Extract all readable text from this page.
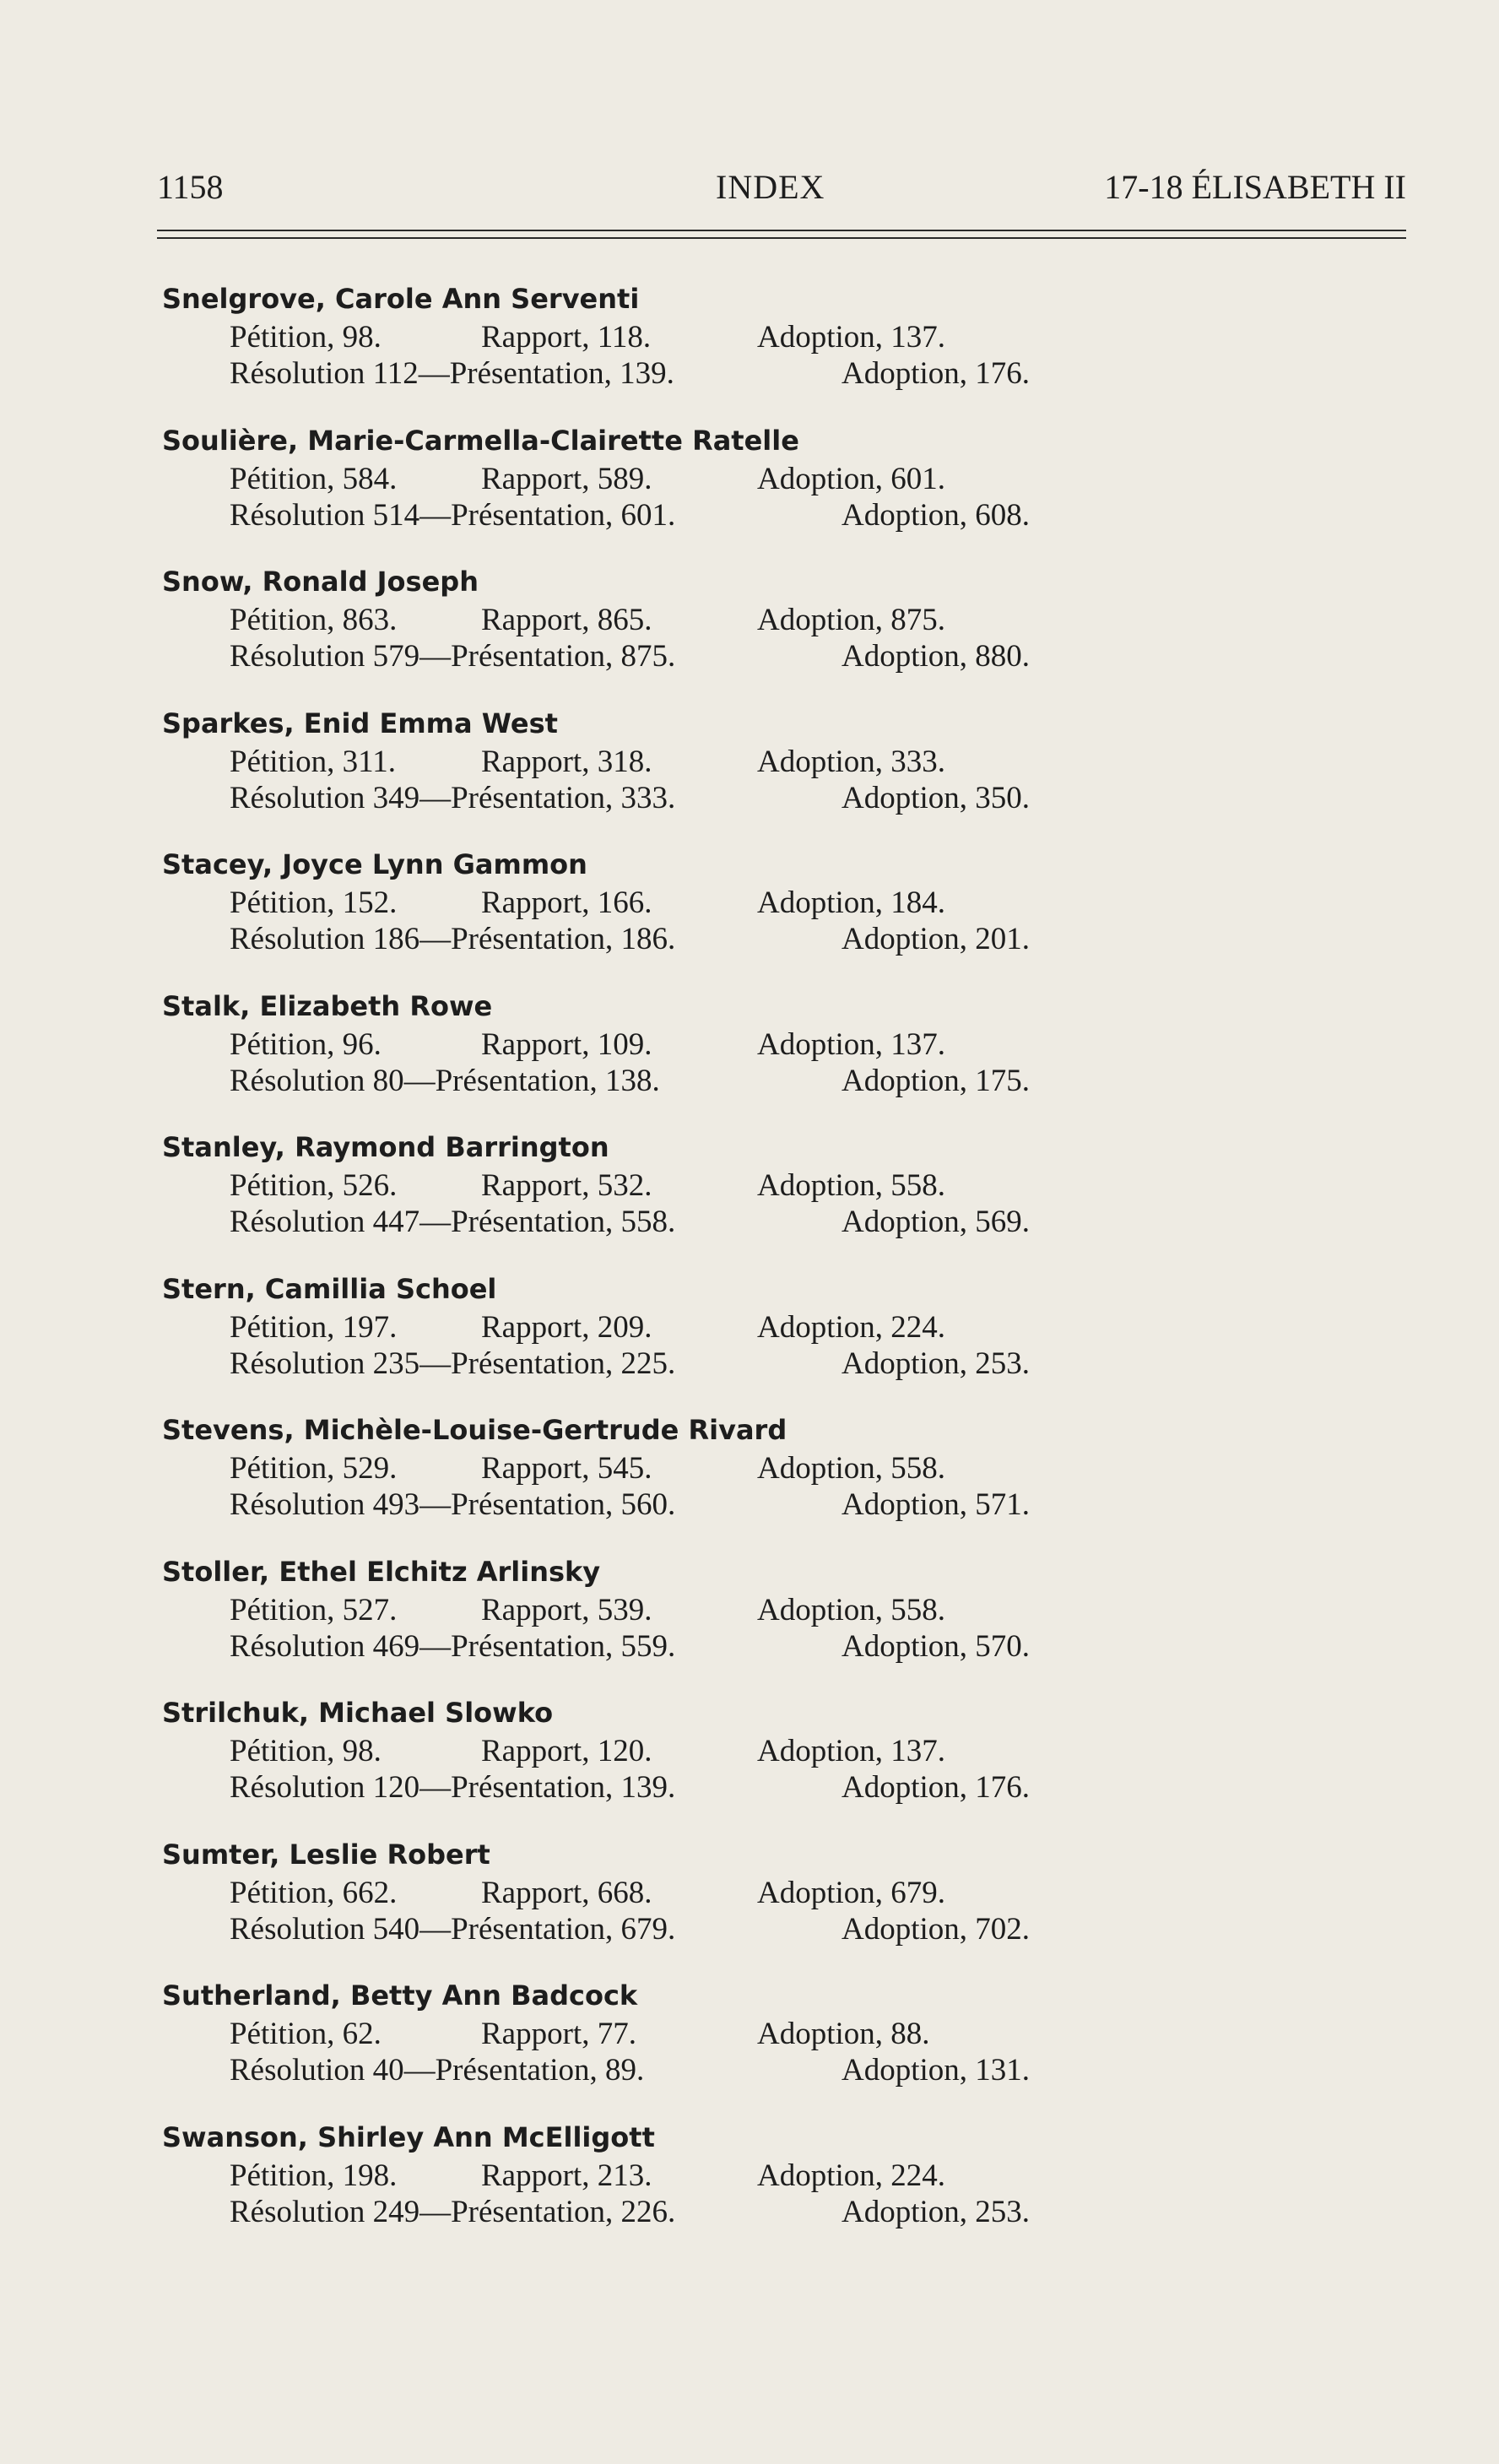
1158	INDEX	17-18 ÉLISABETH II
Snelgrove, Carole Ann Serventi
Pétition, 98.	Rapport, 118.	Adoption, 137.
Résolution 112—Présentation, 139.	Adoption, 176.
Soulière, Marie-Carmella-Clairette Ratelle
Pétition, 584.	Rapport, 589.	Adoption, 601.
Résolution 514—Présentation, 601.	Adoption, 608.
Snow, Ronald Joseph
Pétition, 863.	Rapport, 865.	Adoption, 875.
Résolution 579—Présentation, 875.	Adoption, 880.
Sparkes, Enid Emma West
Pétition, 311.	Rapport, 318.	Adoption, 333.
Résolution 349—Présentation, 333.	Adoption, 350.
Stacey, Joyce Lynn Gammon
Pétition, 152.	Rapport, 166.	Adoption, 184.
Résolution 186—Présentation, 186.	Adoption, 201.
Stalk, Elizabeth Rowe
Pétition, 96.	Rapport, 109.	Adoption, 137.
Résolution 80—Présentation, 138.	Adoption, 175.
Stanley, Raymond Barrington
Pétition, 526.	Rapport, 532.	Adoption, 558.
Résolution 447—Présentation, 558.	Adoption, 569.
Stern, Camillia Schoel
Pétition, 197.	Rapport, 209.	Adoption, 224.
Résolution 235—Présentation, 225.	Adoption, 253.
Stevens, Michèle-Louise-Gertrude Rivard
Pétition, 529.	Rapport, 545.	Adoption, 558.
Résolution 493—Présentation, 560.	Adoption, 571.
Stoller, Ethel Elchitz Arlinsky
Pétition, 527.	Rapport, 539.	Adoption, 558.
Résolution 469—Présentation, 559.	Adoption, 570.
Strilchuk, Michael Slowko
Pétition, 98.	Rapport, 120.	Adoption, 137.
Résolution 120—Présentation, 139.	Adoption, 176.
Sumter, Leslie Robert
Pétition, 662.	Rapport, 668.	Adoption, 679.
Résolution 540—Présentation, 679.	Adoption, 702.
Sutherland, Betty Ann Badcock
Pétition, 62.	Rapport, 77.	Adoption, 88.
Résolution 40—Présentation, 89.	Adoption, 131.
Swanson, Shirley Ann McElligott
Pétition, 198.	Rapport, 213.	Adoption, 224.
Résolution 249—Présentation, 226.	Adoption, 253.
